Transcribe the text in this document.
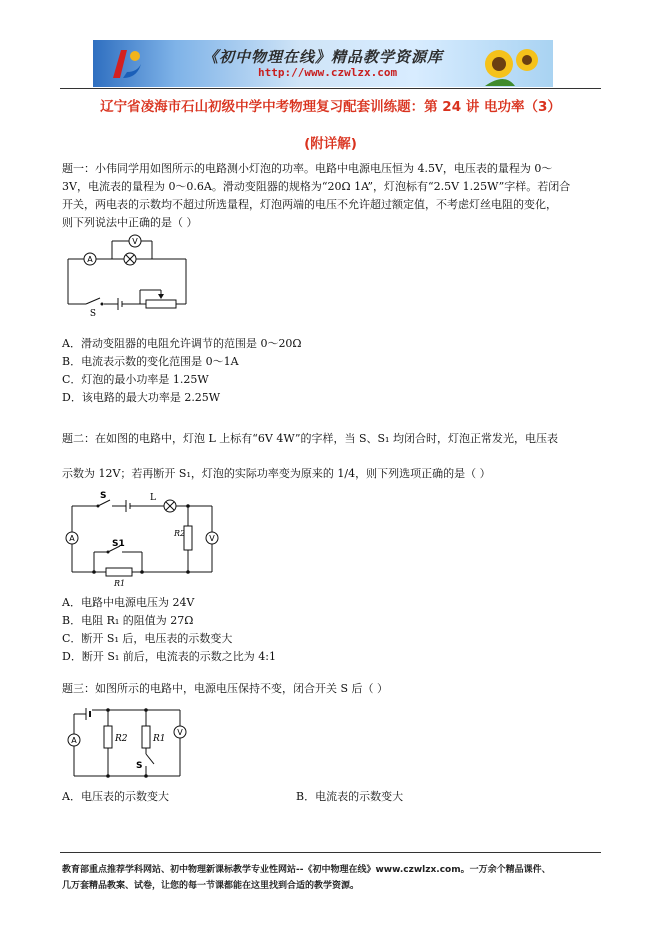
《初中物理在线》精品教学资源库
http://www.czwlzx.com
辽宁省凌海市石山初级中学中考物理复习配套训练题：第 24 讲 电功率（3）
(附详解)
题一：小伟同学用如图所示的电路测小灯泡的功率。电路中电源电压恒为 4.5V，电压表的量程为 0～
3V，电流表的量程为 0～0.6A。滑动变阻器的规格为“20Ω 1A”，灯泡标有“2.5V 1.25W”字样。若闭合
开关，两电表的示数均不超过所选量程，灯泡两端的电压不允许超过额定值，不考虑灯丝电阻的变化，
则下列说法中正确的是（ ）
A
V
S
A．滑动变阻器的电阻允许调节的范围是 0～20Ω
B．电流表示数的变化范围是 0～1A
C．灯泡的最小功率是 1.25W
D．该电路的最大功率是 2.25W
题二：在如图的电路中，灯泡 L 上标有“6V 4W”的字样，当 S、S₁ 均闭合时，灯泡正常发光，电压表
示数为 12V；若再断开 S₁，灯泡的实际功率变为原来的 1/4，则下列选项正确的是（ ）
A	V
S	L
S1
R2
R1
A．电路中电源电压为 24V
B．电阻 R₁ 的阻值为 27Ω
C．断开 S₁ 后，电压表的示数变大
D．断开 S₁ 前后，电流表的示数之比为 4:1
题三：如图所示的电路中，电源电压保持不变，闭合开关 S 后（ ）
A
V
R2	R1
S
A．电压表的示数变大	B．电流表的示数变大
教育部重点推荐学科网站、初中物理新课标教学专业性网站--《初中物理在线》www.czwlzx.com。一万余个精品课件、
几万套精品教案、试卷，让您的每一节课都能在这里找到合适的教学资源。
